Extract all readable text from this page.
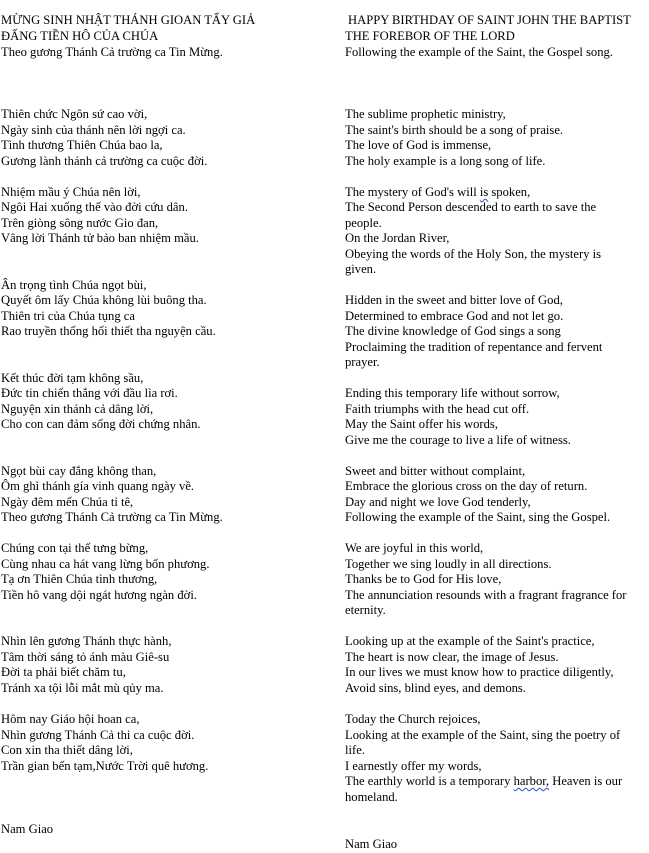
MỪNG SINH NHẬT THÁNH GIOAN TẨY GIẢ
ĐẤNG TIỀN HÔ CỦA CHÚA
Theo gương Thánh Cả trường ca Tin Mừng.
Thiên chức Ngôn sứ cao vời,
Ngày sinh của thánh nên lời ngợi ca.
Tình thương Thiên Chúa bao la,
Gương lành thánh cả trường ca cuộc đời.
Nhiệm mầu ý Chúa nên lời,
Ngôi Hai xuống thế vào đời cứu dân.
Trên giòng sông nước Gio đan,
Vâng lời Thánh tử bảo ban nhiệm mầu.
Ân trọng tình Chúa ngọt bùi,
Quyết ôm lấy Chúa không lùi buông tha.
Thiên tri của Chúa tụng ca
Rao truyền thống hối thiết tha nguyện cầu.
Kết thúc đời tạm không sầu,
Đức tin chiến thắng với đầu lìa rơi.
Nguyện xin thánh cả dâng lời,
Cho con can đảm sống đời chứng nhân.
Ngọt bùi cay đắng không than,
Ôm ghì thánh gía vinh quang ngày về.
Ngày đêm mến Chúa tỉ tê,
Theo gương Thánh Cả trường ca Tin Mừng.
Chúng con tại thế tưng bừng,
Cùng nhau ca hát vang lừng bốn phương.
Tạ ơn Thiên Chúa tình thương,
Tiền hô vang dội ngát hương ngàn đời.
Nhìn lên gương Thánh thực hành,
Tâm thời sáng tỏ ánh màu Giê-su
Đời ta phải biết chăm tu,
Tránh xa tội lỗi mắt mù qủy ma.
Hôm nay Giáo hội hoan ca,
Nhìn gương Thánh Cả thi ca cuộc đời.
Con xin tha thiết dâng lời,
Trần gian bến tạm,Nước Trời quê hương.
Nam Giao
HAPPY BIRTHDAY OF SAINT JOHN THE BAPTIST
THE FOREBOR OF THE LORD
Following the example of the Saint, the Gospel song.
The sublime prophetic ministry,
The saint's birth should be a song of praise.
The love of God is immense,
The holy example is a long song of life.
The mystery of God's will is spoken,
The Second Person descended to earth to save the
people.
On the Jordan River,
Obeying the words of the Holy Son, the mystery is
given.
Hidden in the sweet and bitter love of God,
Determined to embrace God and not let go.
The divine knowledge of God sings a song
Proclaiming the tradition of repentance and fervent
prayer.
Ending this temporary life without sorrow,
Faith triumphs with the head cut off.
May the Saint offer his words,
Give me the courage to live a life of witness.
Sweet and bitter without complaint,
Embrace the glorious cross on the day of return.
Day and night we love God tenderly,
Following the example of the Saint, sing the Gospel.
We are joyful in this world,
Together we sing loudly in all directions.
Thanks be to God for His love,
The annunciation resounds with a fragrant fragrance for
eternity.
Looking up at the example of the Saint's practice,
The heart is now clear, the image of Jesus.
In our lives we must know how to practice diligently,
Avoid sins, blind eyes, and demons.
Today the Church rejoices,
Looking at the example of the Saint, sing the poetry of
life.
I earnestly offer my words,
The earthly world is a temporary harbor, Heaven is our
homeland.
Nam Giao
